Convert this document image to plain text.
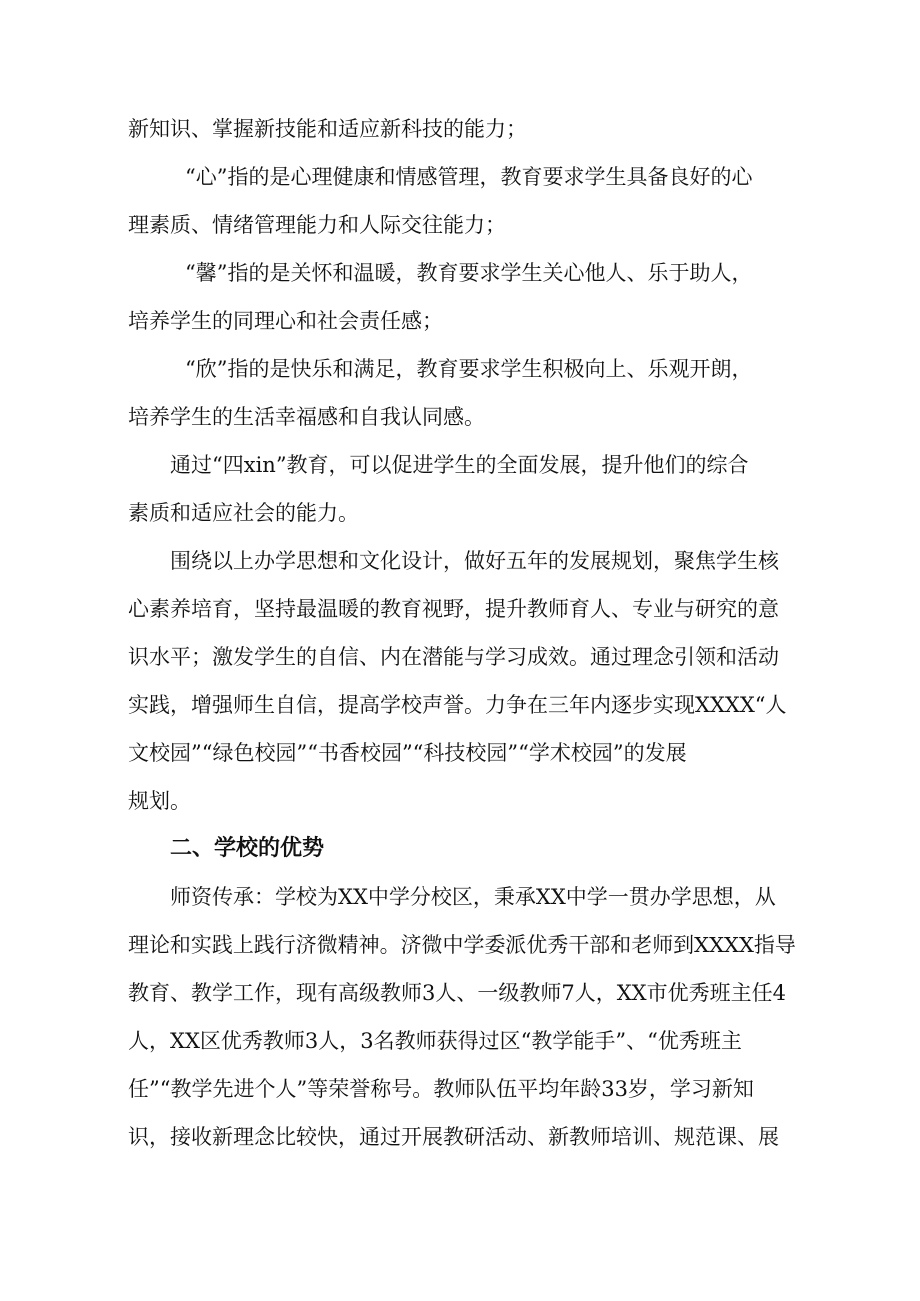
新知识、掌握新技能和适应新科技的能力；
“心”指的是心理健康和情感管理，教育要求学生具备良好的心
理素质、情绪管理能力和人际交往能力；
“馨”指的是关怀和温暖，教育要求学生关心他人、乐于助人，
培养学生的同理心和社会责任感；
“欣”指的是快乐和满足，教育要求学生积极向上、乐观开朗，
培养学生的生活幸福感和自我认同感。
通过“四xin”教育，可以促进学生的全面发展，提升他们的综合
素质和适应社会的能力。
围绕以上办学思想和文化设计，做好五年的发展规划，聚焦学生核
心素养培育，坚持最温暖的教育视野，提升教师育人、专业与研究的意
识水平；激发学生的自信、内在潜能与学习成效。通过理念引领和活动
实践，增强师生自信，提高学校声誉。力争在三年内逐步实现XXXX“人
文校园”“绿色校园”“书香校园”“科技校园”“学术校园”的发展
规划。
二、学校的优势
师资传承：学校为XX中学分校区，秉承XX中学一贯办学思想，从
理论和实践上践行济微精神。济微中学委派优秀干部和老师到XXXX指导
教育、教学工作，现有高级教师3人、一级教师7人，XX市优秀班主任4
人，XX区优秀教师3人，3名教师获得过区“教学能手”、“优秀班主
任”“教学先进个人”等荣誉称号。教师队伍平均年龄33岁，学习新知
识，接收新理念比较快，通过开展教研活动、新教师培训、规范课、展
